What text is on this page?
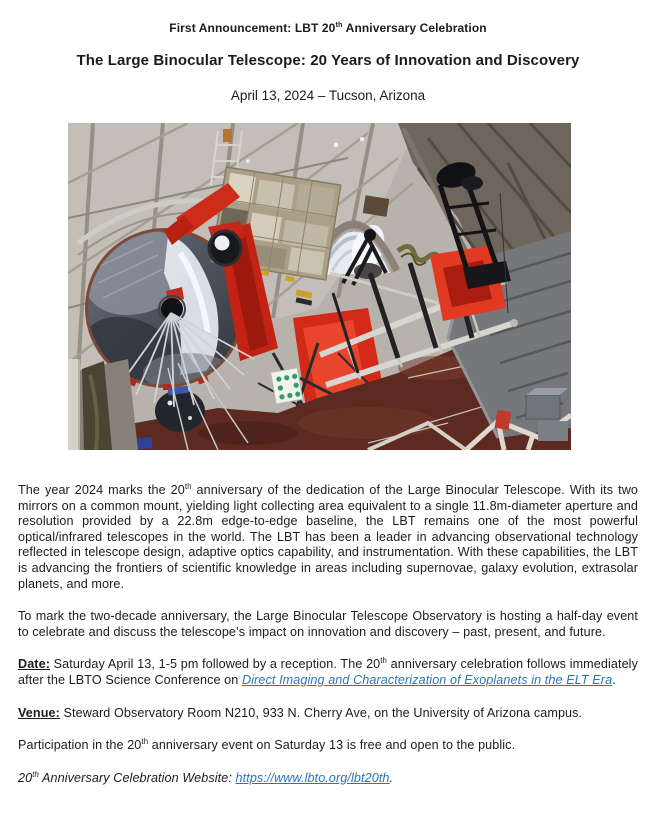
First Announcement: LBT 20th Anniversary Celebration

The Large Binocular Telescope: 20 Years of Innovation and Discovery

April 13, 2024 – Tucson, Arizona

The year 2024 marks the 20th anniversary of the dedication of the Large Binocular Telescope. With its two mirrors on a common mount, yielding light collecting area equivalent to a single 11.8m-diameter aperture and resolution provided by a 22.8m edge-to-edge baseline, the LBT remains one of the most powerful optical/infrared telescopes in the world. The LBT has been a leader in advancing observational technology reflected in telescope design, adaptive optics capability, and instrumentation. With these capabilities, the LBT is advancing the frontiers of scientific knowledge in areas including supernovae, galaxy evolution, extrasolar planets, and more.

To mark the two-decade anniversary, the Large Binocular Telescope Observatory is hosting a half-day event to celebrate and discuss the telescope’s impact on innovation and discovery – past, present, and future.

Date: Saturday April 13, 1-5 pm followed by a reception. The 20th anniversary celebration follows immediately after the LBTO Science Conference on Direct Imaging and Characterization of Exoplanets in the ELT Era.

Venue: Steward Observatory Room N210, 933 N. Cherry Ave, on the University of Arizona campus.

Participation in the 20th anniversary event on Saturday 13 is free and open to the public.

20th Anniversary Celebration Website: https://www.lbto.org/lbt20th.
